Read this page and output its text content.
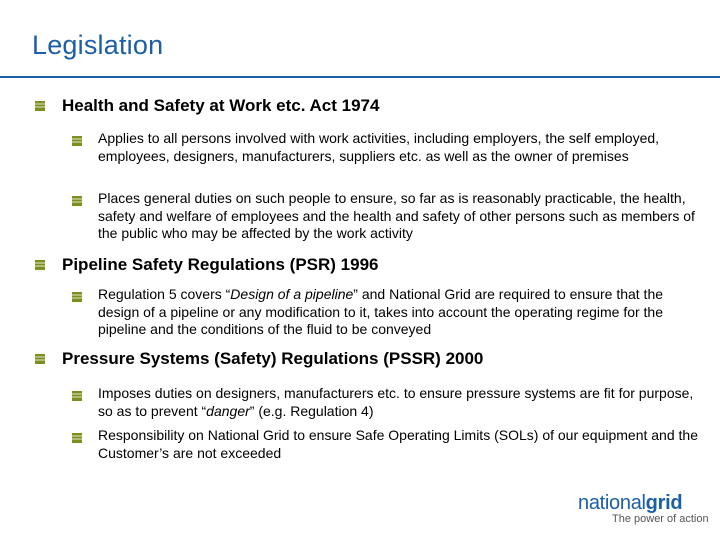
Legislation
Health and Safety at Work etc. Act 1974
Applies to all persons involved with work activities, including employers, the self employed, employees, designers, manufacturers, suppliers etc. as well as the owner of premises
Places general duties on such people to ensure, so far as is reasonably practicable, the health, safety and welfare of employees and the health and safety of other persons such as members of the public who may be affected by the work activity
Pipeline Safety Regulations (PSR) 1996
Regulation 5 covers “Design of a pipeline” and National Grid are required to ensure that the design of a pipeline or any modification to it, takes into account the operating regime for the pipeline and the conditions of the fluid to be conveyed
Pressure Systems (Safety) Regulations (PSSR) 2000
Imposes duties on designers, manufacturers etc. to ensure pressure systems are fit for purpose, so as to prevent “danger” (e.g. Regulation 4)
Responsibility on National Grid to ensure Safe Operating Limits (SOLs) of our equipment and the Customer’s are not exceeded
nationalgrid
The power of action
